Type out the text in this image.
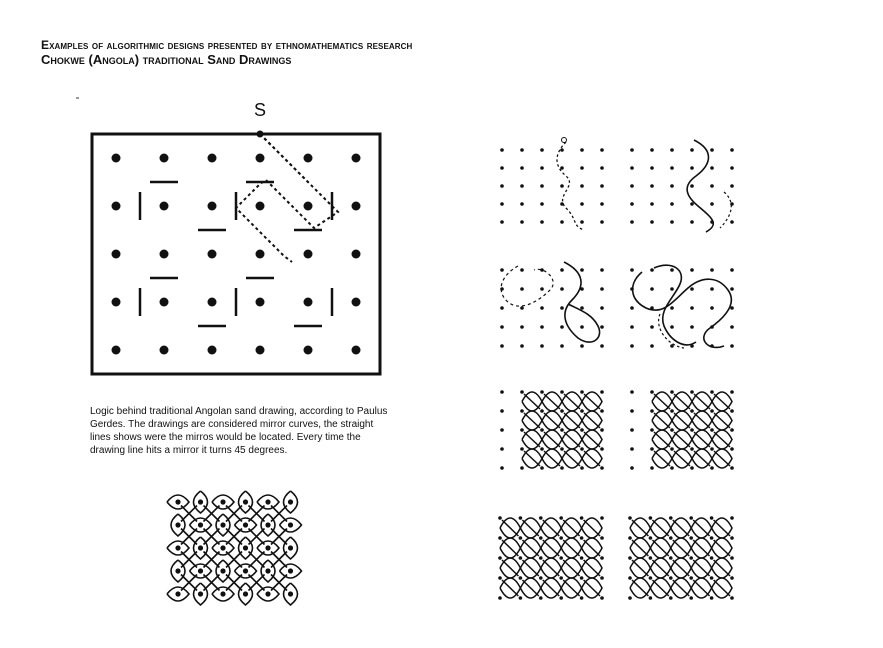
Examples of algorithmic designs presented by ethnomathematics research
Chokwe (Angola) traditional Sand Drawings
S

Logic behind traditional Angolan sand drawing, according to Paulus Gerdes. The drawings are considered mirror curves, the straight lines shows were the mirros would be located. Every time the drawing line hits a mirror it turns 45 degrees.
